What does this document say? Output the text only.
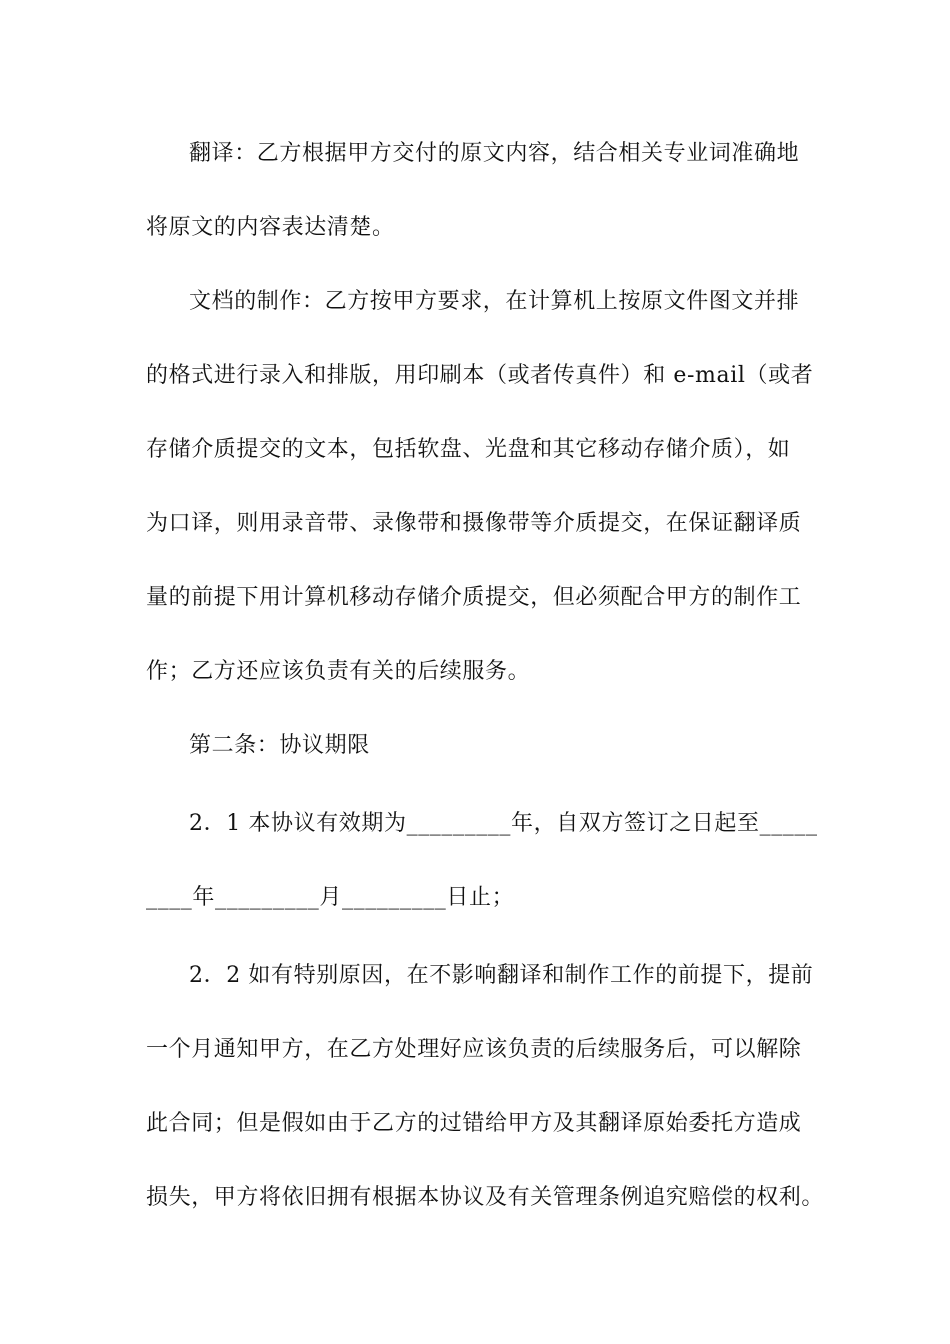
翻译：乙方根据甲方交付的原文内容，结合相关专业词准确地
将原文的内容表达清楚。
文档的制作：乙方按甲方要求，在计算机上按原文件图文并排
的格式进行录入和排版，用印刷本（或者传真件）和 e-mail（或者
存储介质提交的文本，包括软盘、光盘和其它移动存储介质），如
为口译，则用录音带、录像带和摄像带等介质提交，在保证翻译质
量的前提下用计算机移动存储介质提交，但必须配合甲方的制作工
作；乙方还应该负责有关的后续服务。
第二条：协议期限
2．1 本协议有效期为_________年，自双方签订之日起至_____
____年_________月_________日止；
2．2 如有特别原因，在不影响翻译和制作工作的前提下，提前
一个月通知甲方，在乙方处理好应该负责的后续服务后，可以解除
此合同；但是假如由于乙方的过错给甲方及其翻译原始委托方造成
损失，甲方将依旧拥有根据本协议及有关管理条例追究赔偿的权利。
